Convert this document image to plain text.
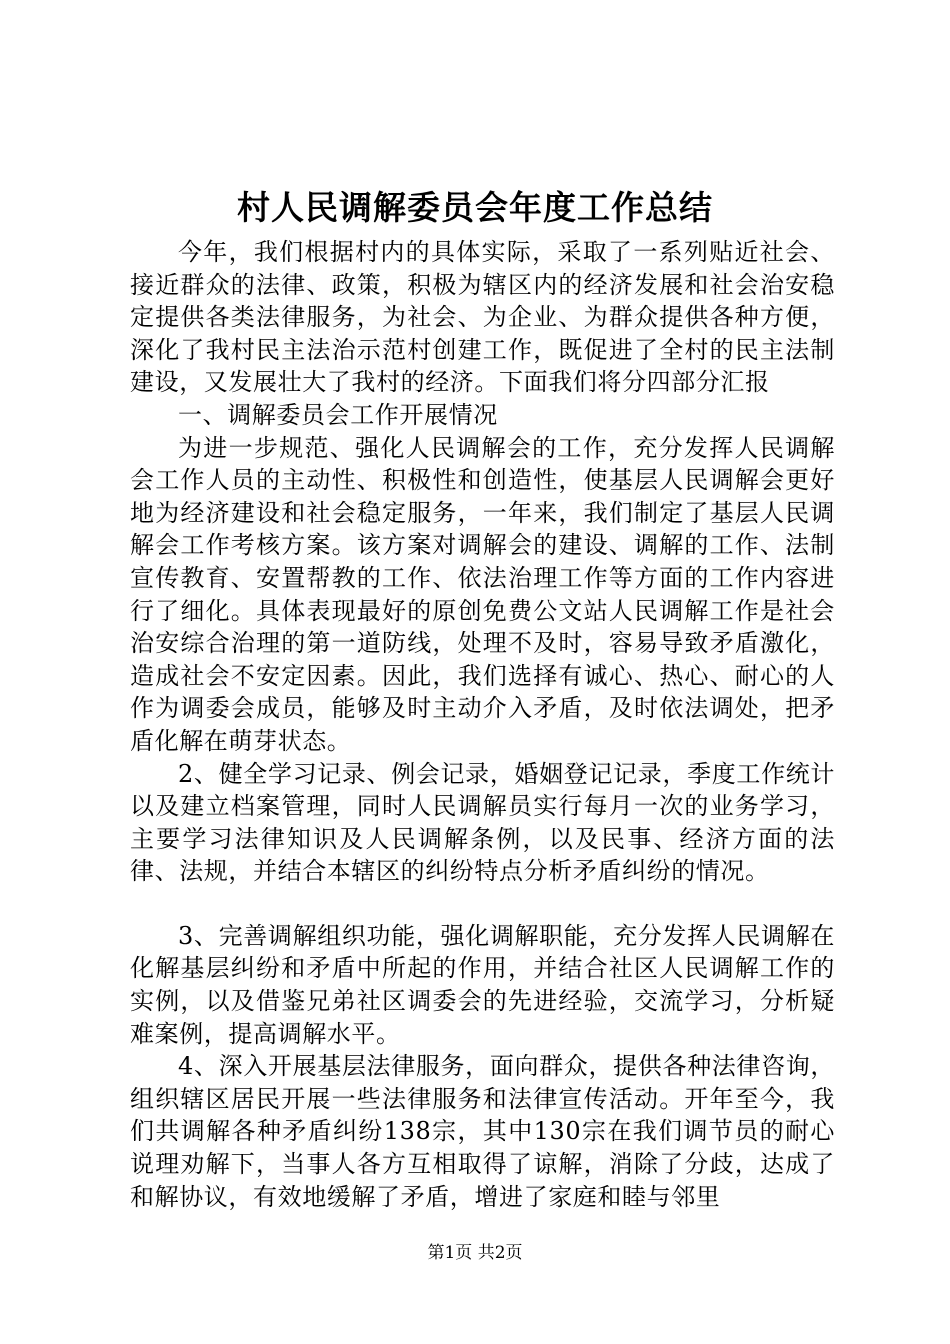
村人民调解委员会年度工作总结

今年，我们根据村内的具体实际，采取了一系列贴近社会、接近群众的法律、政策，积极为辖区内的经济发展和社会治安稳定提供各类法律服务，为社会、为企业、为群众提供各种方便，深化了我村民主法治示范村创建工作，既促进了全村的民主法制建设，又发展壮大了我村的经济。下面我们将分四部分汇报

一、调解委员会工作开展情况

为进一步规范、强化人民调解会的工作，充分发挥人民调解会工作人员的主动性、积极性和创造性，使基层人民调解会更好地为经济建设和社会稳定服务，一年来，我们制定了基层人民调解会工作考核方案。该方案对调解会的建设、调解的工作、法制宣传教育、安置帮教的工作、依法治理工作等方面的工作内容进行了细化。具体表现最好的原创免费公文站人民调解工作是社会治安综合治理的第一道防线，处理不及时，容易导致矛盾激化，造成社会不安定因素。因此，我们选择有诚心、热心、耐心的人作为调委会成员，能够及时主动介入矛盾，及时依法调处，把矛盾化解在萌芽状态。

2、健全学习记录、例会记录，婚姻登记记录，季度工作统计以及建立档案管理，同时人民调解员实行每月一次的业务学习，主要学习法律知识及人民调解条例，以及民事、经济方面的法律、法规，并结合本辖区的纠纷特点分析矛盾纠纷的情况。

3、完善调解组织功能，强化调解职能，充分发挥人民调解在化解基层纠纷和矛盾中所起的作用，并结合社区人民调解工作的实例，以及借鉴兄弟社区调委会的先进经验，交流学习，分析疑难案例，提高调解水平。

4、深入开展基层法律服务，面向群众，提供各种法律咨询，组织辖区居民开展一些法律服务和法律宣传活动。开年至今，我们共调解各种矛盾纠纷138宗，其中130宗在我们调节员的耐心说理劝解下，当事人各方互相取得了谅解，消除了分歧，达成了和解协议，有效地缓解了矛盾，增进了家庭和睦与邻里

第1页 共2页
